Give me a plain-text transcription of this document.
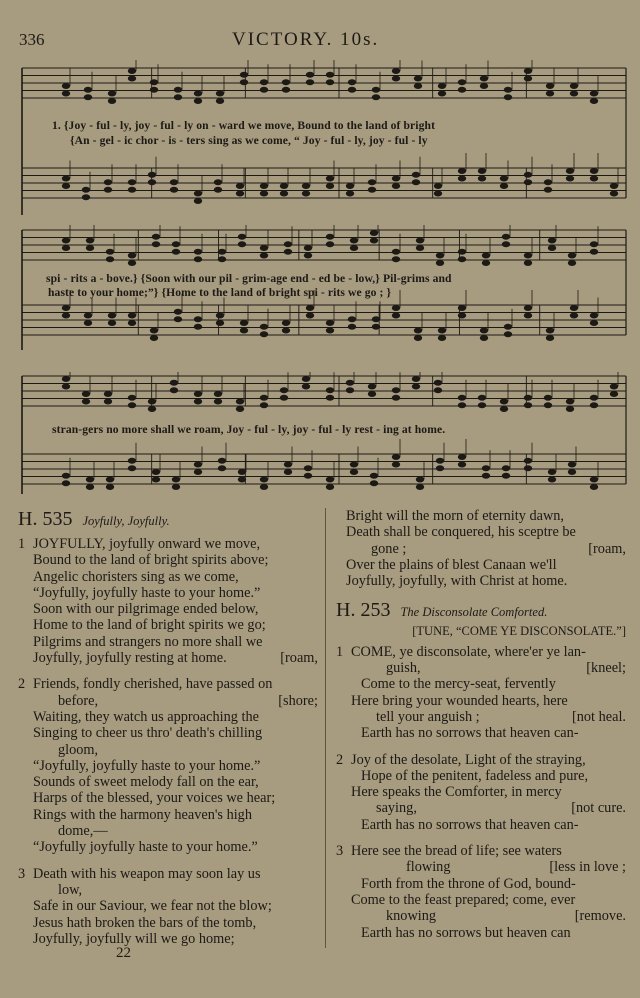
336	VICTORY. 10s.
1. {Joy - ful - ly, joy - ful - ly on - ward we move, Bound to the land of bright
{An - gel - ic chor - is - ters sing as we come, “ Joy - ful - ly, joy - ful - ly
spi - rits a - bove.} {Soon with our pil - grim-age end - ed be - low,} Pil-grims and
haste to your home;”} {Home to the land of bright spi - rits we go ; }
stran-gers no more shall we roam, Joy - ful - ly, joy - ful - ly rest - ing at home.
H. 535 Joyfully, Joyfully.
1 JOYFULLY, joyfully onward we move,
Bound to the land of bright spirits above;
Angelic choristers sing as we come,
“Joyfully, joyfully haste to your home.”
Soon with our pilgrimage ended below,
Home to the land of bright spirits we go;
Pilgrims and strangers no more shall we
Joyfully, joyfully resting at home.	[roam,
2 Friends, fondly cherished, have passed on
before,	[shore;
Waiting, they watch us approaching the
Singing to cheer us thro' death's chilling
gloom,
“Joyfully, joyfully haste to your home.”
Sounds of sweet melody fall on the ear,
Harps of the blessed, your voices we hear;
Rings with the harmony heaven's high
dome,—
“Joyfully joyfully haste to your home.”
3 Death with his weapon may soon lay us
low,
Safe in our Saviour, we fear not the blow;
Jesus hath broken the bars of the tomb,
Joyfully, joyfully will we go home;
Bright will the morn of eternity dawn,
Death shall be conquered, his sceptre be
gone ;	[roam,
Over the plains of blest Canaan we'll
Joyfully, joyfully, with Christ at home.
H. 253 The Disconsolate Comforted.
[TUNE, “COME YE DISCONSOLATE.”]
1 COME, ye disconsolate, where'er ye lan-
guish,	[kneel;
Come to the mercy-seat, fervently
Here bring your wounded hearts, here
tell your anguish ;	[not heal.
Earth has no sorrows that heaven can-
2 Joy of the desolate, Light of the straying,
Hope of the penitent, fadeless and pure,
Here speaks the Comforter, in mercy
saying,	[not cure.
Earth has no sorrows that heaven can-
3 Here see the bread of life; see waters
flowing	[less in love ;
Forth from the throne of God, bound-
Come to the feast prepared; come, ever
knowing	[remove.
Earth has no sorrows but heaven can
22
